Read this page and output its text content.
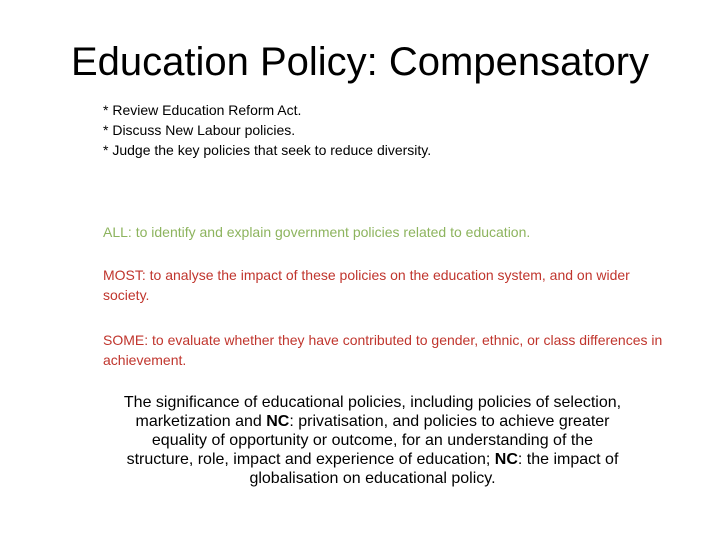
Education Policy: Compensatory
* Review Education Reform Act.
* Discuss New Labour policies.
* Judge the key policies that seek to reduce diversity.
ALL: to identify and explain government policies related to education.
MOST: to analyse the impact of these policies on the education system, and on wider society.
SOME: to evaluate whether they have contributed to gender, ethnic, or class differences in achievement.
The significance of educational policies, including policies of selection, marketization and NC: privatisation, and policies to achieve greater equality of opportunity or outcome, for an understanding of the structure, role, impact and experience of education; NC: the impact of globalisation on educational policy.
